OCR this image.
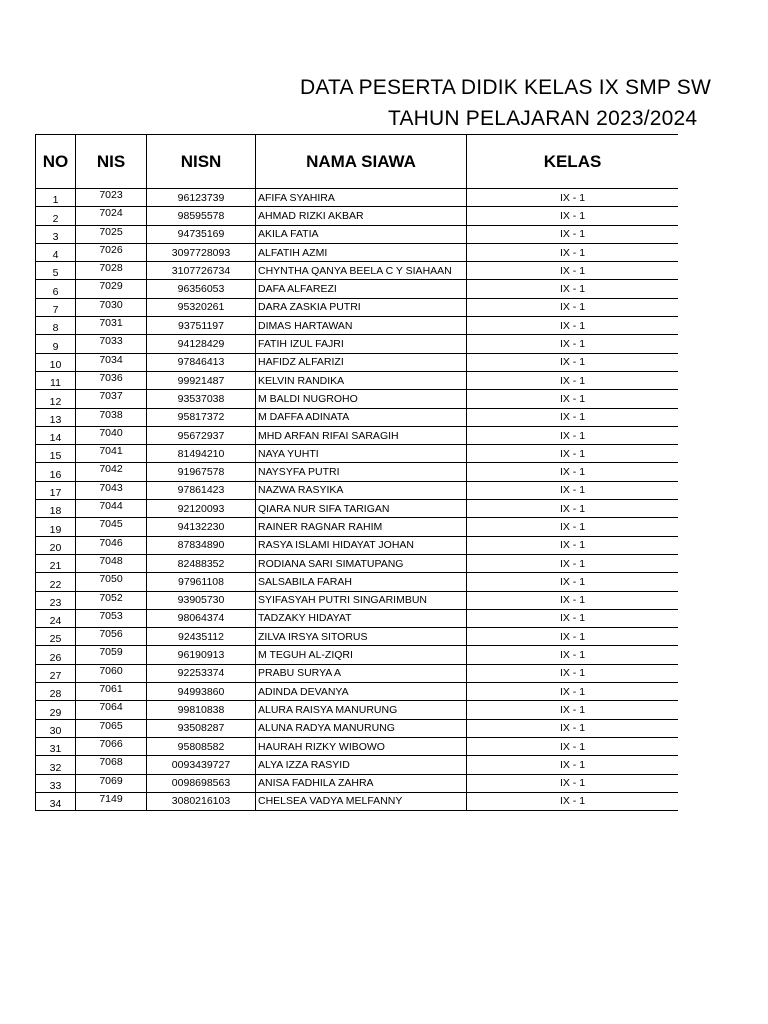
DATA PESERTA DIDIK KELAS IX SMP SW
TAHUN PELAJARAN 2023/2024
NO	NIS	NISN	NAMA SIAWA	KELAS
1	7023	96123739	AFIFA SYAHIRA	IX - 1
2	7024	98595578	AHMAD RIZKI AKBAR	IX - 1
3	7025	94735169	AKILA FATIA	IX - 1
4	7026	3097728093	ALFATIH AZMI	IX - 1
5	7028	3107726734	CHYNTHA QANYA BEELA C Y SIAHAAN	IX - 1
6	7029	96356053	DAFA ALFAREZI	IX - 1
7	7030	95320261	DARA ZASKIA PUTRI	IX - 1
8	7031	93751197	DIMAS HARTAWAN	IX - 1
9	7033	94128429	FATIH IZUL FAJRI	IX - 1
10	7034	97846413	HAFIDZ ALFARIZI	IX - 1
11	7036	99921487	KELVIN RANDIKA	IX - 1
12	7037	93537038	M BALDI NUGROHO	IX - 1
13	7038	95817372	M DAFFA ADINATA	IX - 1
14	7040	95672937	MHD ARFAN RIFAI SARAGIH	IX - 1
15	7041	81494210	NAYA YUHTI	IX - 1
16	7042	91967578	NAYSYFA PUTRI	IX - 1
17	7043	97861423	NAZWA RASYIKA	IX - 1
18	7044	92120093	QIARA NUR SIFA TARIGAN	IX - 1
19	7045	94132230	RAINER RAGNAR RAHIM	IX - 1
20	7046	87834890	RASYA ISLAMI HIDAYAT JOHAN	IX - 1
21	7048	82488352	RODIANA SARI SIMATUPANG	IX - 1
22	7050	97961108	SALSABILA FARAH	IX - 1
23	7052	93905730	SYIFASYAH PUTRI SINGARIMBUN	IX - 1
24	7053	98064374	TADZAKY HIDAYAT	IX - 1
25	7056	92435112	ZILVA IRSYA SITORUS	IX - 1
26	7059	96190913	M TEGUH AL-ZIQRI	IX - 1
27	7060	92253374	PRABU SURYA A	IX - 1
28	7061	94993860	ADINDA DEVANYA	IX - 1
29	7064	99810838	ALURA RAISYA MANURUNG	IX - 1
30	7065	93508287	ALUNA RADYA MANURUNG	IX - 1
31	7066	95808582	HAURAH RIZKY WIBOWO	IX - 1
32	7068	0093439727	ALYA IZZA RASYID	IX - 1
33	7069	0098698563	ANISA FADHILA ZAHRA	IX - 1
34	7149	3080216103	CHELSEA VADYA MELFANNY	IX - 1
